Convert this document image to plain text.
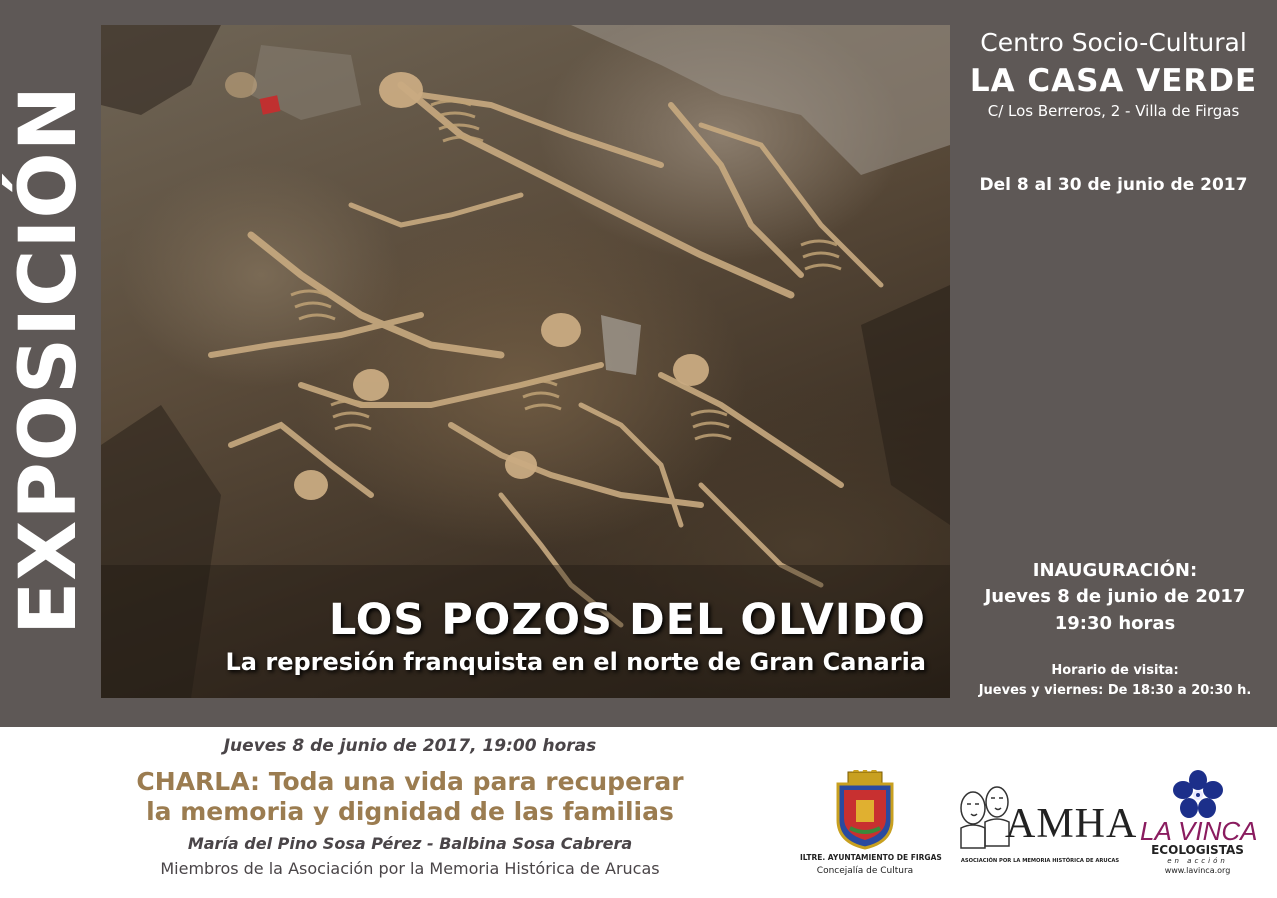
EXPOSICIÓN	LOS POZOS DEL OLVIDO
La represión franquista en el norte de Gran Canaria
Centro Socio-Cultural
LA CASA VERDE
C/ Los Berreros, 2 - Villa de Firgas
Del 8 al 30 de junio de 2017
INAUGURACIÓN:
Jueves 8 de junio de 2017
19:30 horas
Horario de visita:
Jueves y viernes: De 18:30 a 20:30 h.
Jueves 8 de junio de 2017, 19:00 horas
CHARLA: Toda una vida para recuperar
la memoria y dignidad de las familias
María del Pino Sosa Pérez - Balbina Sosa Cabrera
Miembros de la Asociación por la Memoria Histórica de Arucas
ILTRE. AYUNTAMIENTO DE FIRGAS
Concejalía de Cultura
AMHA
ASOCIACIÓN POR LA MEMORIA HISTÓRICA DE ARUCAS
LA VINCA
ECOLOGISTAS
en acción
www.lavinca.org
